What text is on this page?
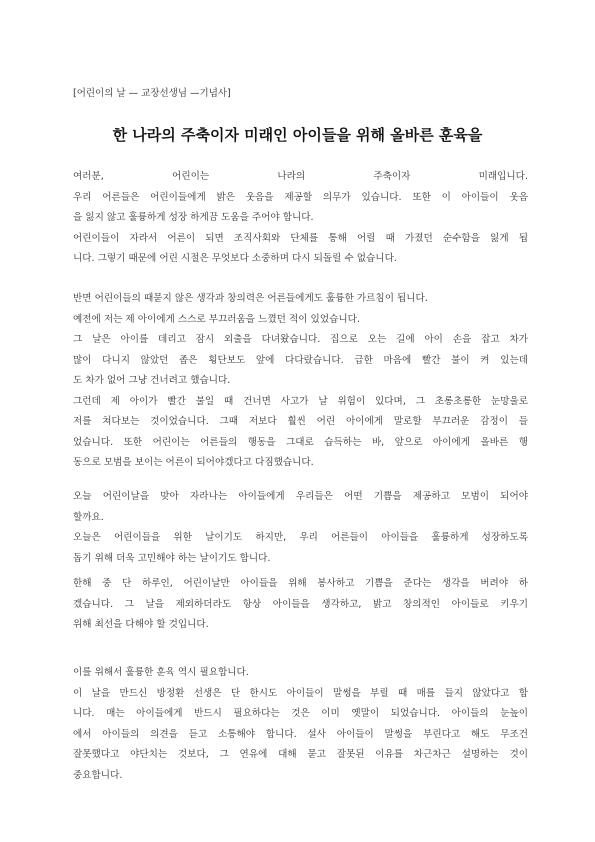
[어린이의 날 — 교장선생님 —기념사]
한 나라의 주축이자 미래인 아이들을 위해 올바른 훈육을
여러분, 어린이는 나라의 주축이자 미래입니다.
우리 어른들은 어린이들에게 밝은 웃음을 제공할 의무가 있습니다. 또한 이 아이들이 웃음
을 잃지 않고 훌륭하게 성장 하게끔 도움을 주어야 합니다.
어린이들이 자라서 어른이 되면 조직사회와 단체를 통해 어릴 때 가졌던 순수함을 잃게 됩
니다. 그렇기 때문에 어린 시절은 무엇보다 소중하며 다시 되돌릴 수 없습니다.
반면 어린이들의 때묻지 않은 생각과 창의력은 어른들에게도 훌륭한 가르침이 됩니다.
예전에 저는 제 아이에게 스스로 부끄러움을 느꼈던 적이 있었습니다.
그 날은 아이를 데리고 잠시 외출을 다녀왔습니다. 집으로 오는 길에 아이 손을 잡고 차가
많이 다니지 않았던 좁은 횡단보도 앞에 다다랐습니다. 급한 마음에 빨간 불이 켜 있는데
도 차가 없어 그냥 건너려고 했습니다.
그런데 제 아이가 빨간 불일 때 건너면 사고가 날 위험이 있다며, 그 초롱초롱한 눈망울로
저를 쳐다보는 것이었습니다. 그때 저보다 훨씬 어린 아이에게 말로할 부끄러운 감정이 들
었습니다. 또한 어린이는 어른들의 행동을 그대로 습득하는 바, 앞으로 아이에게 올바른 행
동으로 모범을 보이는 어른이 되어야겠다고 다짐했습니다.
오늘 어린이날을 맞아 자라나는 아이들에게 우리들은 어떤 기쁨을 제공하고 모범이 되어야
할까요.
오늘은 어린이들을 위한 날이기도 하지만, 우리 어른들이 아이들을 훌륭하게 성장하도록
돕기 위해 더욱 고민해야 하는 날이기도 합니다.
한해 중 단 하루인, 어린이날만 아이들을 위해 봉사하고 기쁨을 준다는 생각을 버려야 하
겠습니다. 그 날을 제외하더라도 항상 아이들을 생각하고, 밝고 창의적인 아이들로 키우기
위해 최선을 다해야 할 것입니다.
이를 위해서 훌륭한 훈육 역시 필요합니다.
이 날을 만드신 방정환 선생은 단 한시도 아이들이 말썽을 부릴 때 매를 들지 않았다고 합
니다. 매는 아이들에게 반드시 필요하다는 것은 이미 옛말이 되었습니다. 아이들의 눈높이
에서 아이들의 의견을 듣고 소통해야 합니다. 설사 아이들이 말썽을 부린다고 해도 무조건
잘못했다고 야단치는 것보다, 그 연유에 대해 묻고 잘못된 이유를 차근차근 설명하는 것이
중요합니다.
